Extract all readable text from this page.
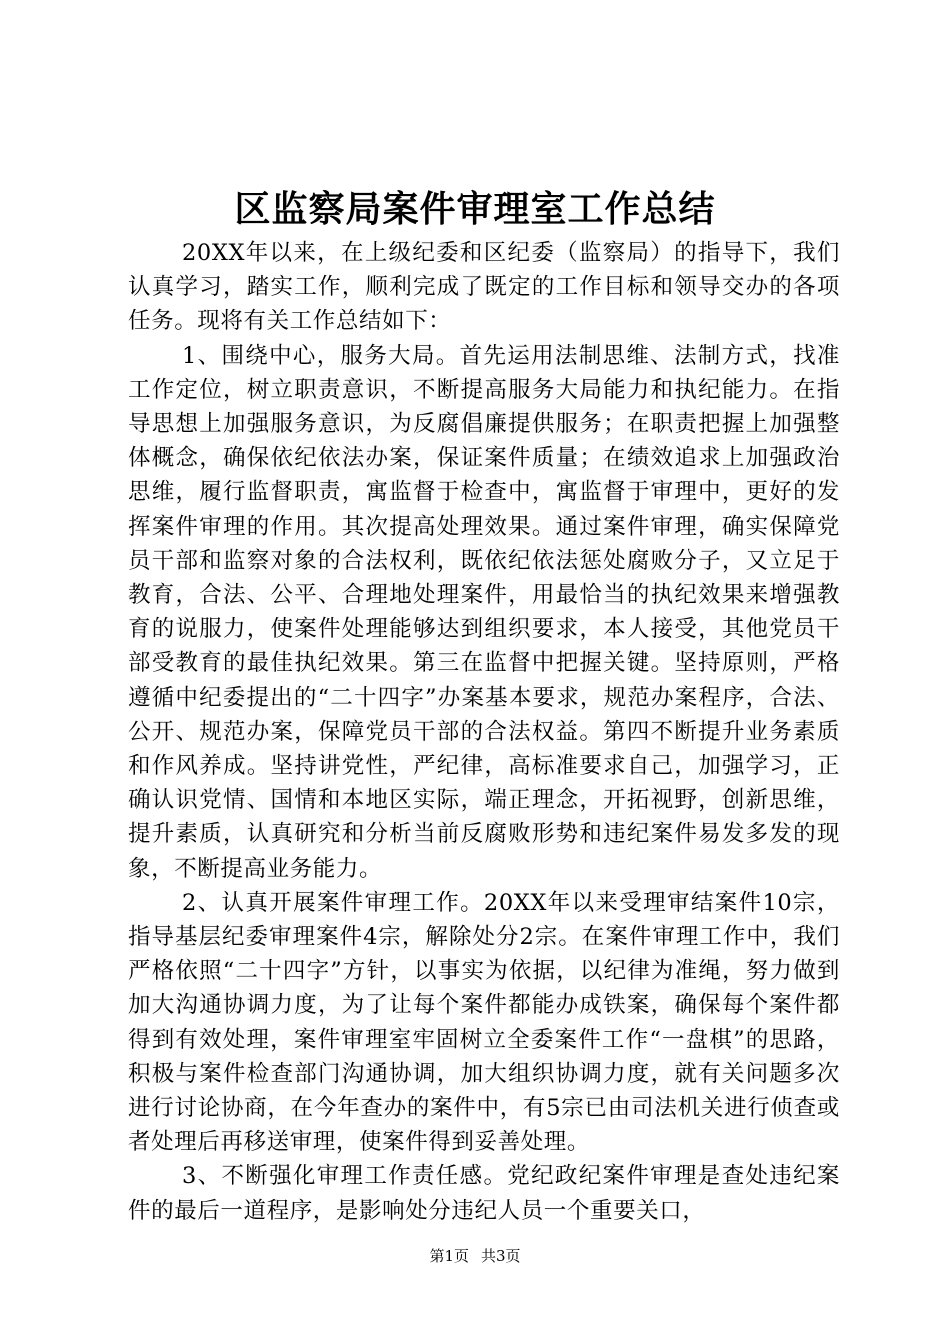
区监察局案件审理室工作总结

20XX年以来，在上级纪委和区纪委（监察局）的指导下，我们认真学习，踏实工作，顺利完成了既定的工作目标和领导交办的各项任务。现将有关工作总结如下：

1、围绕中心，服务大局。首先运用法制思维、法制方式，找准工作定位，树立职责意识，不断提高服务大局能力和执纪能力。在指导思想上加强服务意识，为反腐倡廉提供服务；在职责把握上加强整体概念，确保依纪依法办案，保证案件质量；在绩效追求上加强政治思维，履行监督职责，寓监督于检查中，寓监督于审理中，更好的发挥案件审理的作用。其次提高处理效果。通过案件审理，确实保障党员干部和监察对象的合法权利，既依纪依法惩处腐败分子，又立足于教育，合法、公平、合理地处理案件，用最恰当的执纪效果来增强教育的说服力，使案件处理能够达到组织要求，本人接受，其他党员干部受教育的最佳执纪效果。第三在监督中把握关键。坚持原则，严格遵循中纪委提出的“二十四字”办案基本要求，规范办案程序，合法、公开、规范办案，保障党员干部的合法权益。第四不断提升业务素质和作风养成。坚持讲党性，严纪律，高标准要求自己，加强学习，正确认识党情、国情和本地区实际，端正理念，开拓视野，创新思维，提升素质，认真研究和分析当前反腐败形势和违纪案件易发多发的现象，不断提高业务能力。

2、认真开展案件审理工作。20XX年以来受理审结案件10宗，指导基层纪委审理案件4宗，解除处分2宗。在案件审理工作中，我们严格依照“二十四字”方针，以事实为依据，以纪律为准绳，努力做到加大沟通协调力度，为了让每个案件都能办成铁案，确保每个案件都得到有效处理，案件审理室牢固树立全委案件工作“一盘棋”的思路，积极与案件检查部门沟通协调，加大组织协调力度，就有关问题多次进行讨论协商，在今年查办的案件中，有5宗已由司法机关进行侦查或者处理后再移送审理，使案件得到妥善处理。

3、不断强化审理工作责任感。党纪政纪案件审理是查处违纪案件的最后一道程序，是影响处分违纪人员一个重要关口，

第1页 共3页
